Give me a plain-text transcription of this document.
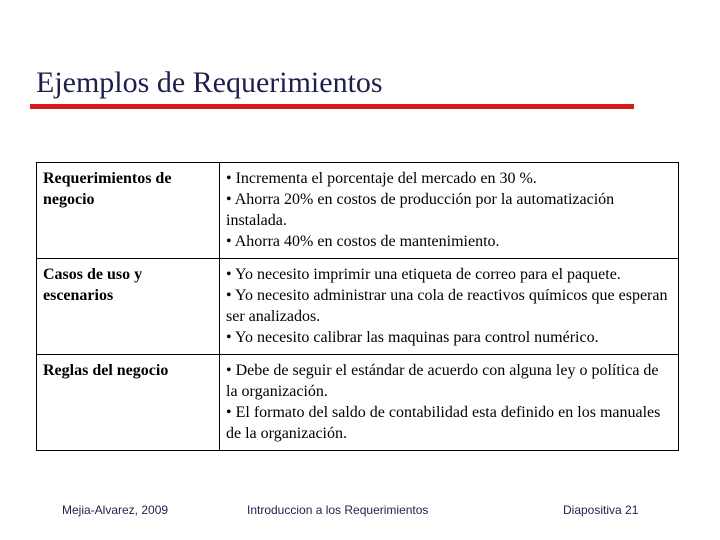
Ejemplos de Requerimientos
Requerimientos de negocio	• Incrementa el porcentaje del mercado en 30 %.
• Ahorra 20% en costos de producción por la automatización instalada.
• Ahorra 40% en costos de mantenimiento.

Casos de uso y escenarios	• Yo necesito imprimir una etiqueta de correo para el paquete.
• Yo necesito administrar una cola de reactivos químicos que esperan ser analizados.
• Yo necesito calibrar las maquinas para control numérico.

Reglas del negocio	• Debe de seguir el estándar de acuerdo con alguna ley o política de la organización.
• El formato del saldo de contabilidad esta definido en los manuales de la organización.
Mejia-Alvarez, 2009	Introduccion a los Requerimientos	Diapositiva 21
